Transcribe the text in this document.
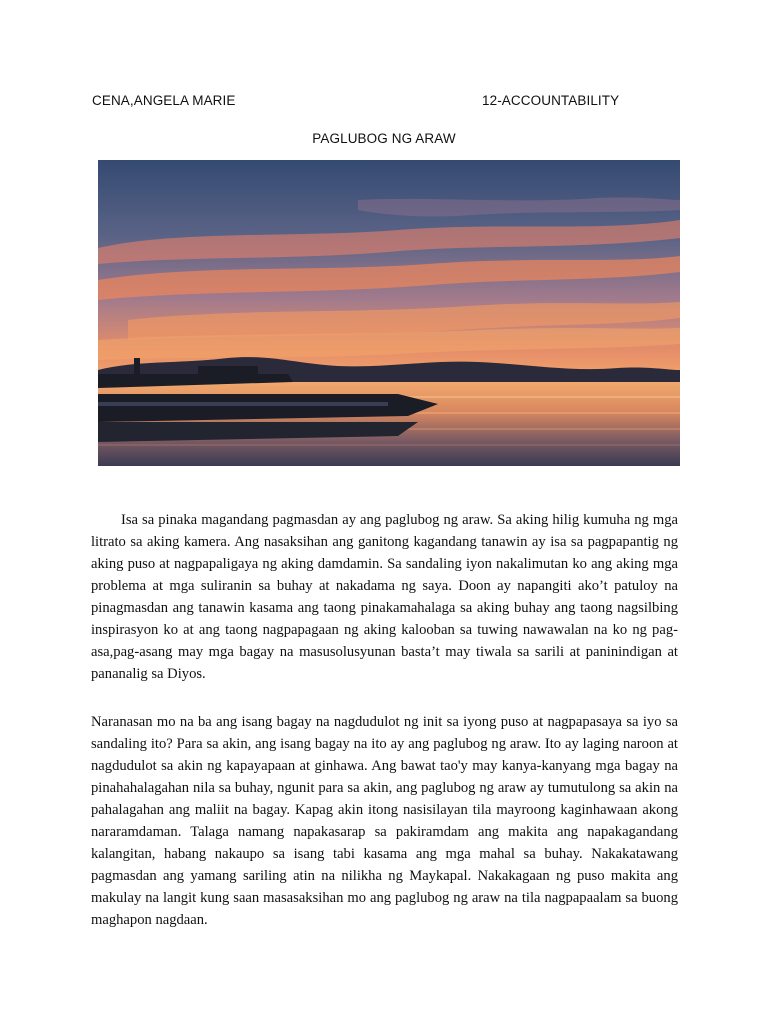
CENA,ANGELA MARIE	12-ACCOUNTABILITY
PAGLUBOG NG ARAW

Isa sa pinaka magandang pagmasdan ay ang paglubog ng araw. Sa aking hilig kumuha ng mga litrato sa aking kamera. Ang nasaksihan ang ganitong kagandang tanawin ay isa sa pagpapantig ng aking puso at nagpapaligaya ng aking damdamin. Sa sandaling iyon nakalimutan ko ang aking mga problema at mga suliranin sa buhay at nakadama ng saya. Doon ay napangiti ako’t patuloy na pinagmasdan ang tanawin kasama ang taong pinakamahalaga sa aking buhay ang taong nagsilbing inspirasyon ko at ang taong nagpapagaan ng aking kalooban sa tuwing nawawalan na ko ng pag-asa,pag-asang may mga bagay na masusolusyunan basta’t may tiwala sa sarili at paninindigan at pananalig sa Diyos.

Naranasan mo na ba ang isang bagay na nagdudulot ng init sa iyong puso at nagpapasaya sa iyo sa sandaling ito? Para sa akin, ang isang bagay na ito ay ang paglubog ng araw. Ito ay laging naroon at nagdudulot sa akin ng kapayapaan at ginhawa. Ang bawat tao'y may kanya-kanyang mga bagay na pinahahalagahan nila sa buhay, ngunit para sa akin, ang paglubog ng araw ay tumutulong sa akin na pahalagahan ang maliit na bagay. Kapag akin itong nasisilayan tila mayroong kaginhawaan akong nararamdaman. Talaga namang napakasarap sa pakiramdam ang makita ang napakagandang kalangitan, habang nakaupo sa isang tabi kasama ang mga mahal sa buhay. Nakakatawang pagmasdan ang yamang sariling atin na nilikha ng Maykapal. Nakakagaan ng puso makita ang makulay na langit kung saan masasaksihan mo ang paglubog ng araw na tila nagpapaalam sa buong maghapon nagdaan.
